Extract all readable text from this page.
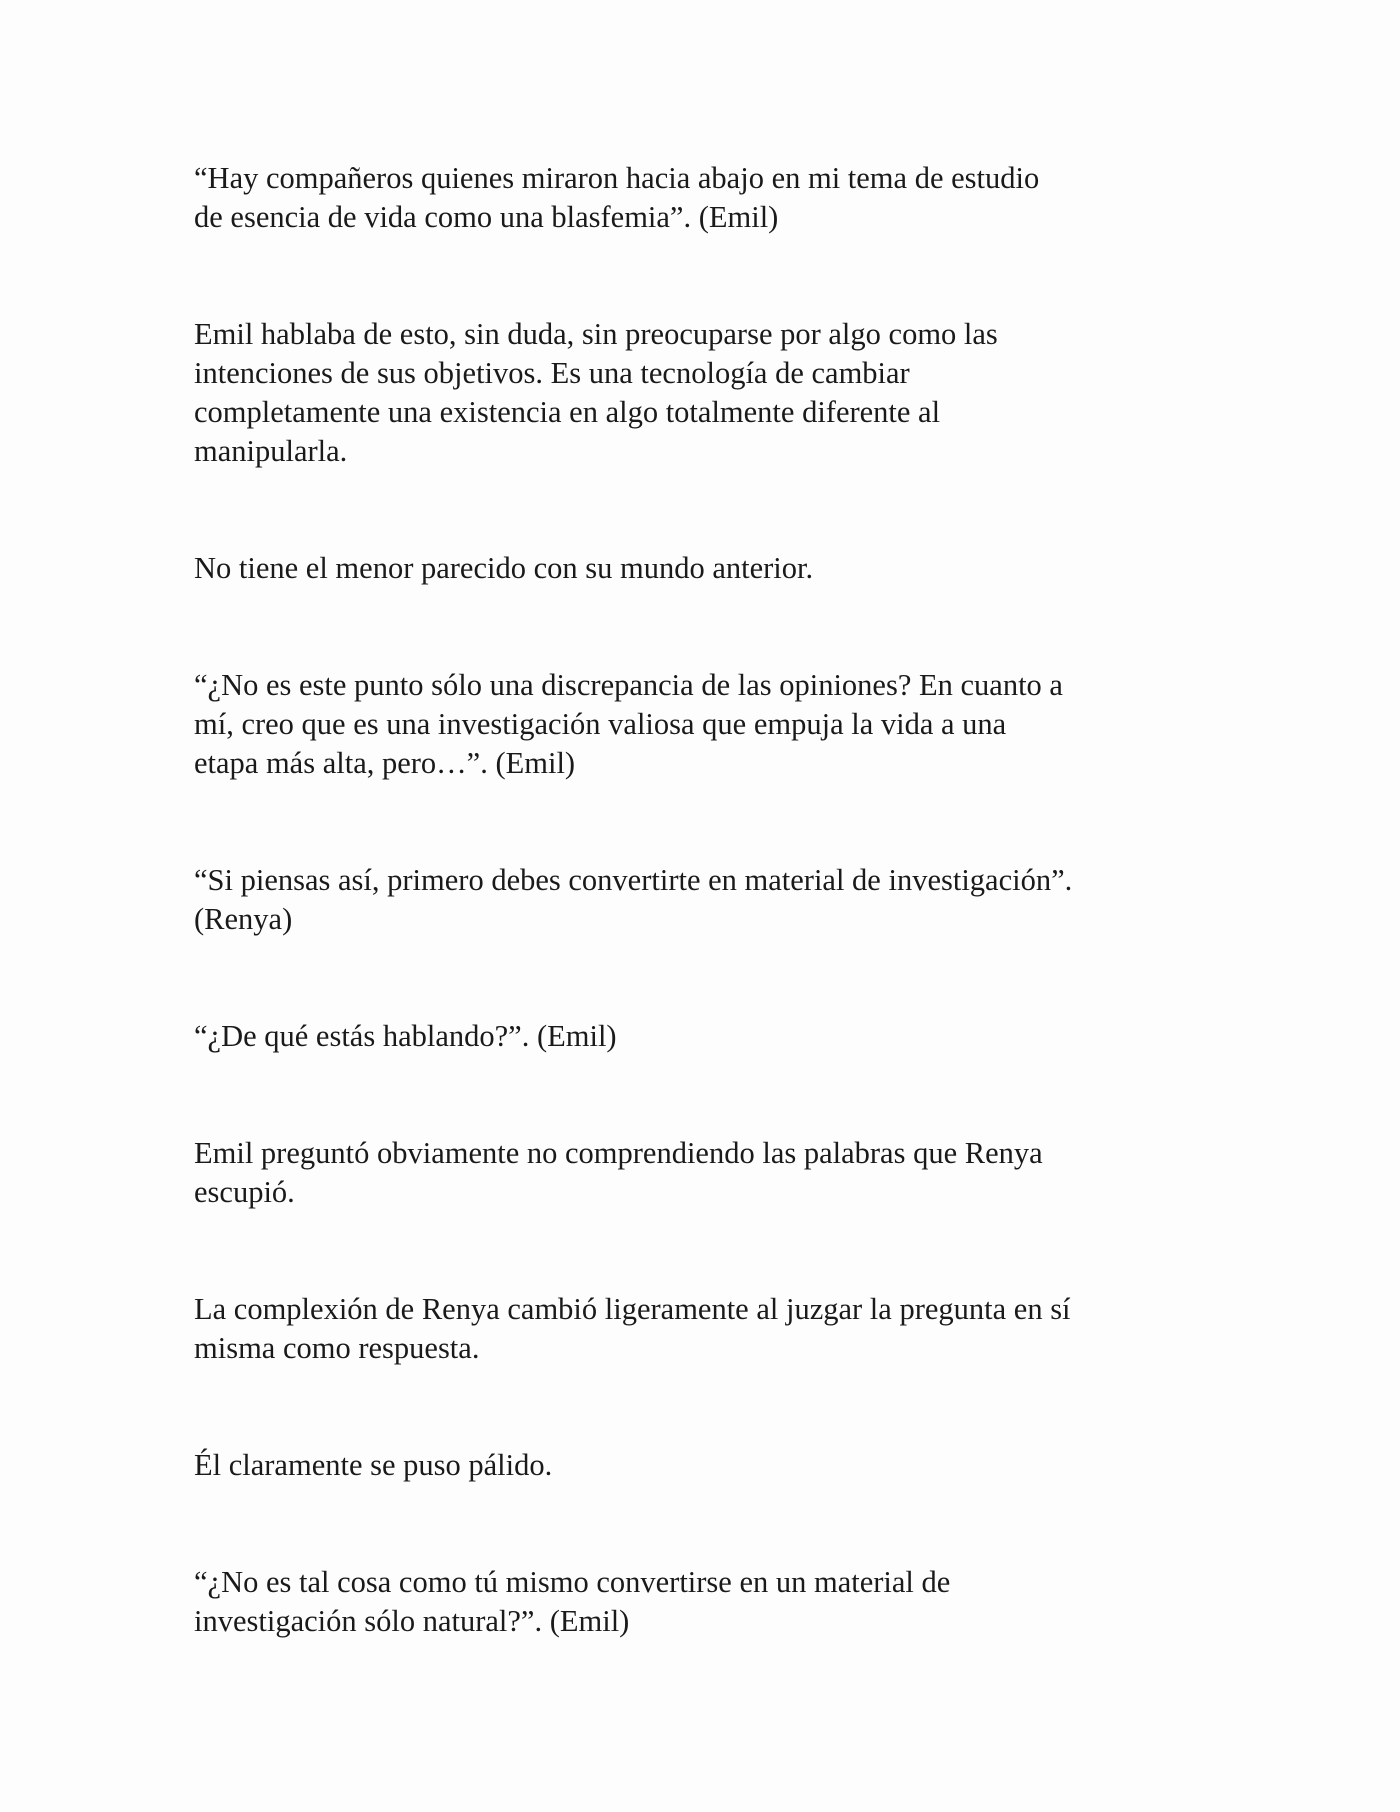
“Hay compañeros quienes miraron hacia abajo en mi tema de estudio
de esencia de vida como una blasfemia”. (Emil)

Emil hablaba de esto, sin duda, sin preocuparse por algo como las
intenciones de sus objetivos. Es una tecnología de cambiar
completamente una existencia en algo totalmente diferente al
manipularla.

No tiene el menor parecido con su mundo anterior.

“¿No es este punto sólo una discrepancia de las opiniones? En cuanto a
mí, creo que es una investigación valiosa que empuja la vida a una
etapa más alta, pero…”. (Emil)

“Si piensas así, primero debes convertirte en material de investigación”.
(Renya)

“¿De qué estás hablando?”. (Emil)

Emil preguntó obviamente no comprendiendo las palabras que Renya
escupió.

La complexión de Renya cambió ligeramente al juzgar la pregunta en sí
misma como respuesta.

Él claramente se puso pálido.

“¿No es tal cosa como tú mismo convertirse en un material de
investigación sólo natural?”. (Emil)
